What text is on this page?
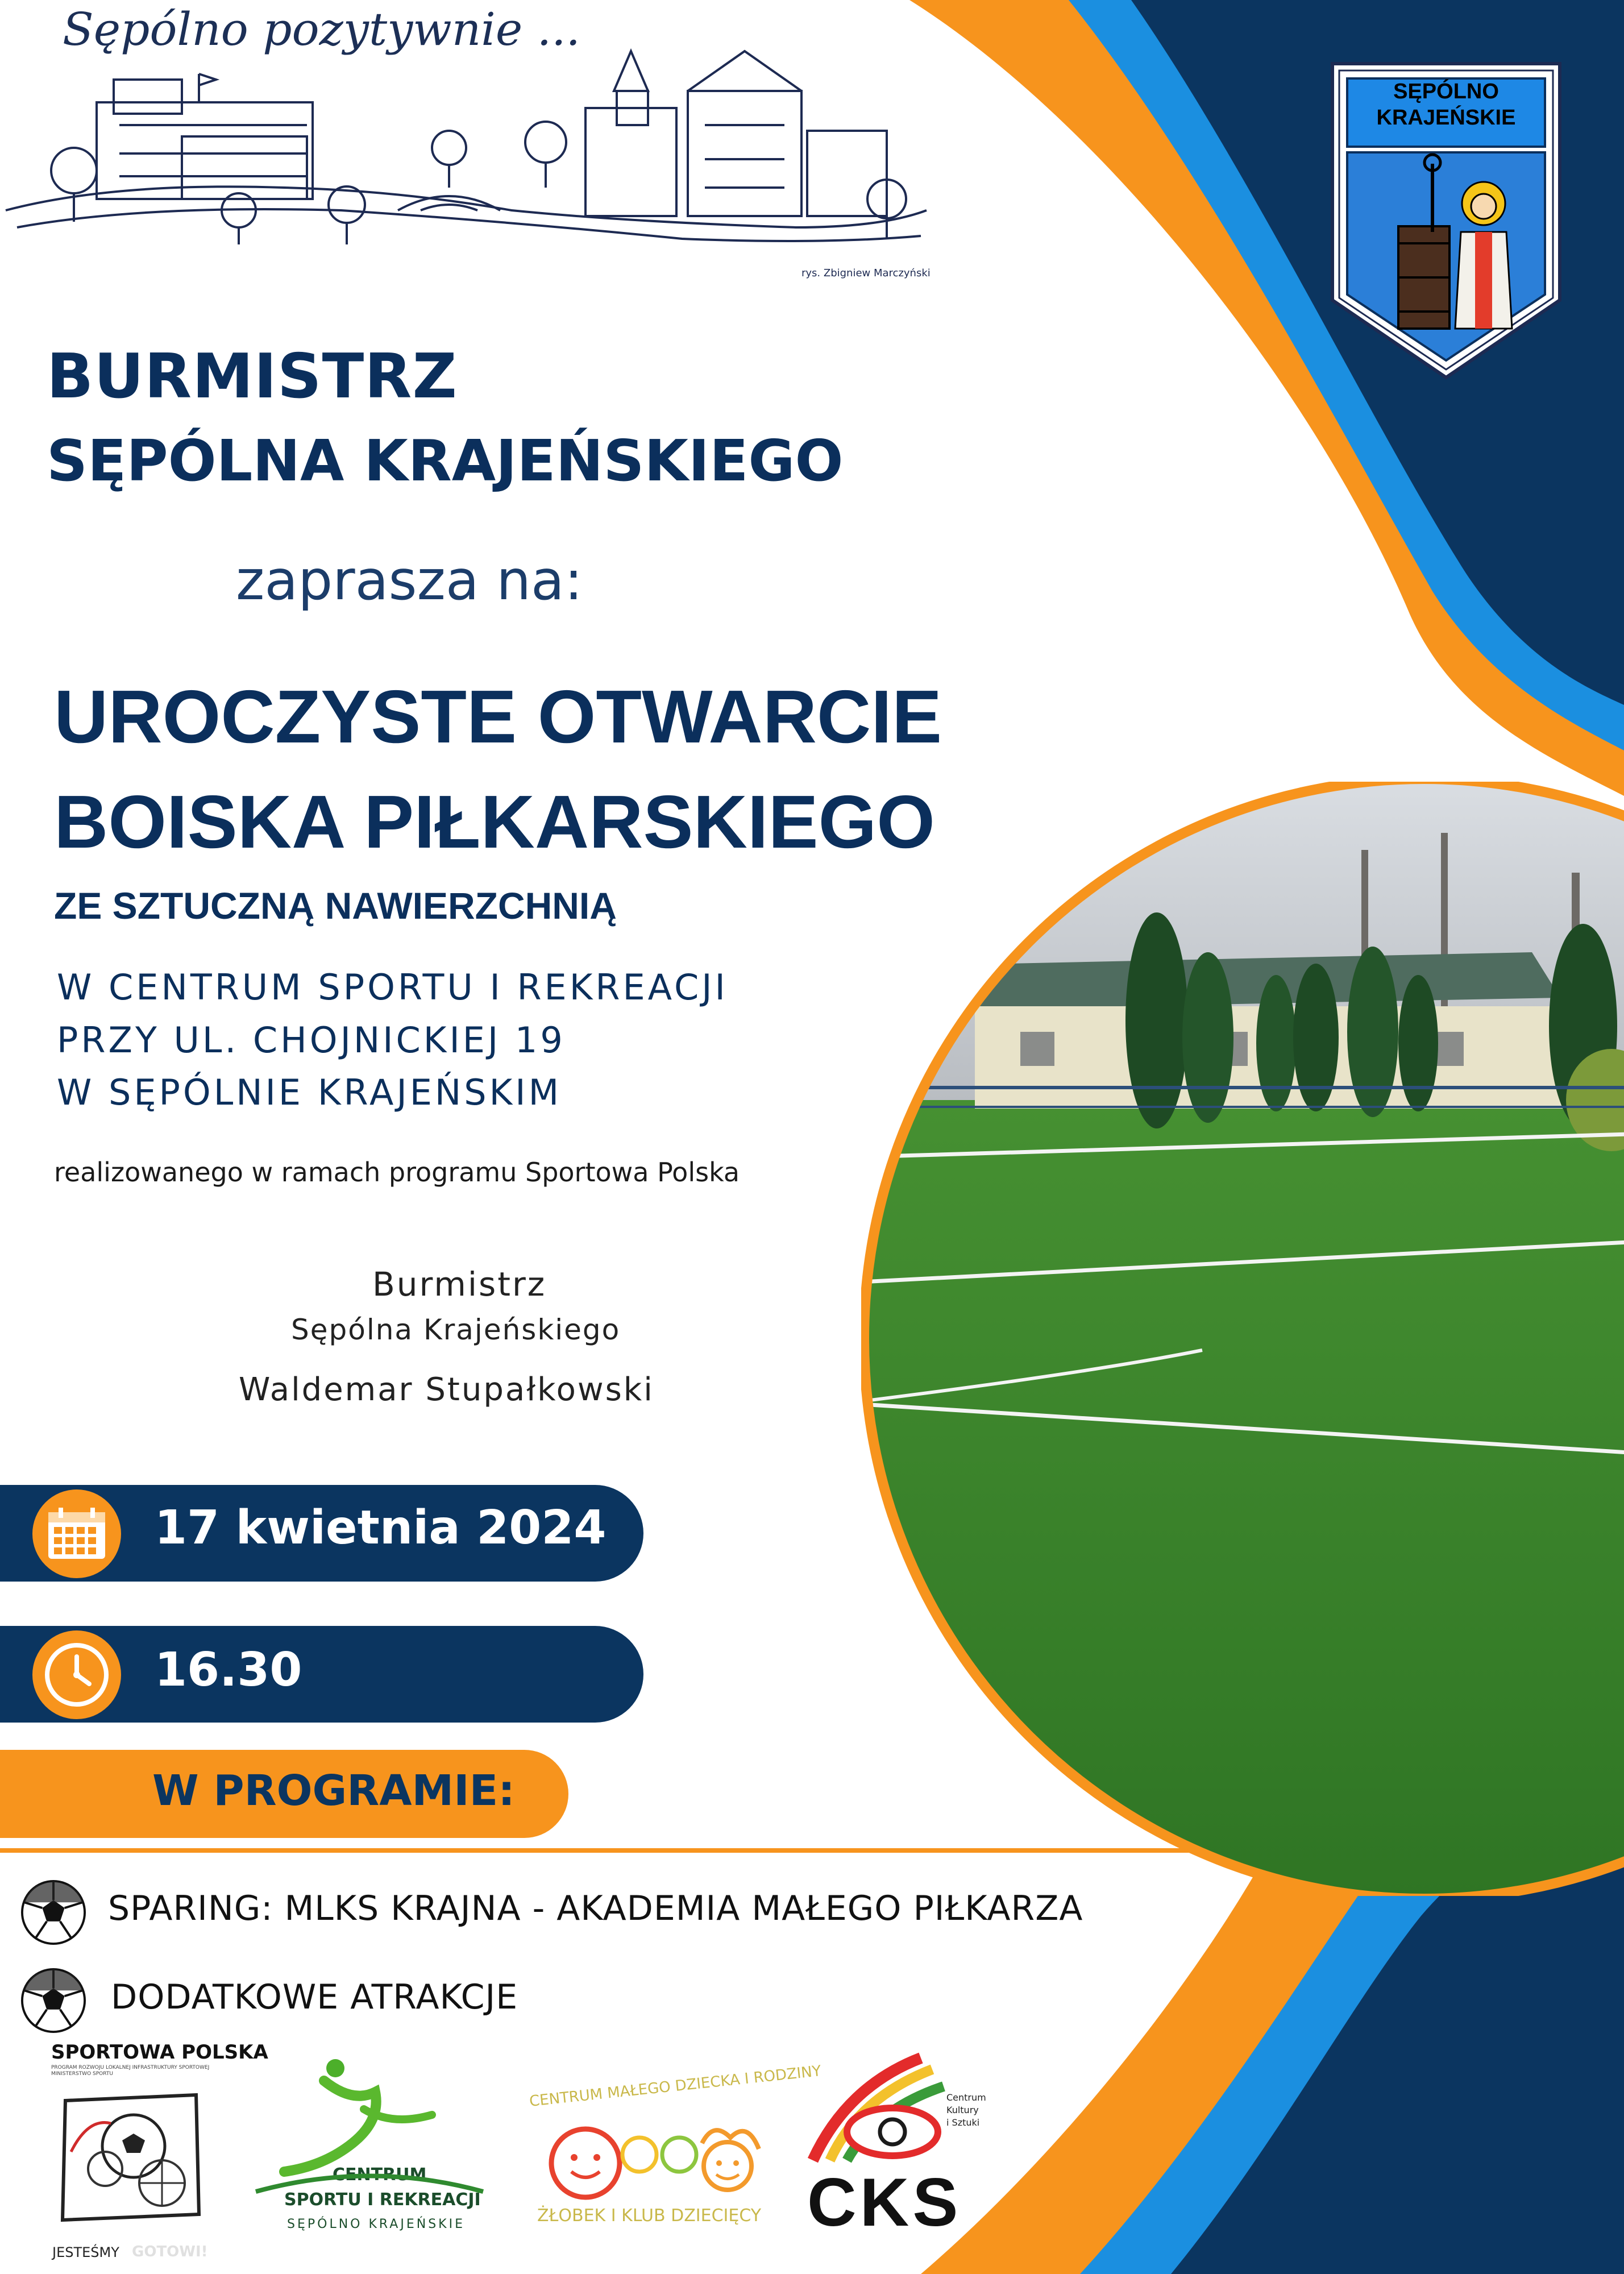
Sępólno pozytywnie ...
rys. Zbigniew Marczyński
SĘPÓLNO
KRAJEŃSKIE
BURMISTRZ
SĘPÓLNA KRAJEŃSKIEGO
zaprasza na:
UROCZYSTE OTWARCIE
BOISKA PIŁKARSKIEGO
ZE SZTUCZNĄ NAWIERZCHNIĄ
W CENTRUM SPORTU I REKREACJI
PRZY UL. CHOJNICKIEJ 19
W SĘPÓLNIE KRAJEŃSKIM
realizowanego w ramach programu Sportowa Polska
Burmistrz
Sępólna Krajeńskiego
Waldemar Stupałkowski
17 kwietnia 2024
16.30
W PROGRAMIE:
SPARING: MLKS KRAJNA - AKADEMIA MAŁEGO PIŁKARZA
DODATKOWE ATRAKCJE
SPORTOWA POLSKA
PROGRAM ROZWOJU LOKALNEJ INFRASTRUKTURY SPORTOWEJ MINISTERSTWO SPORTU
JESTEŚMY GOTOWI!
CENTRUM
SPORTU I REKREACJI
SĘPÓLNO KRAJEŃSKIE
CENTRUM MAŁEGO DZIECKA I RODZINY
ŻŁOBEK I KLUB DZIECIĘCY CKS
Centrum
Kultury
i Sztuki
